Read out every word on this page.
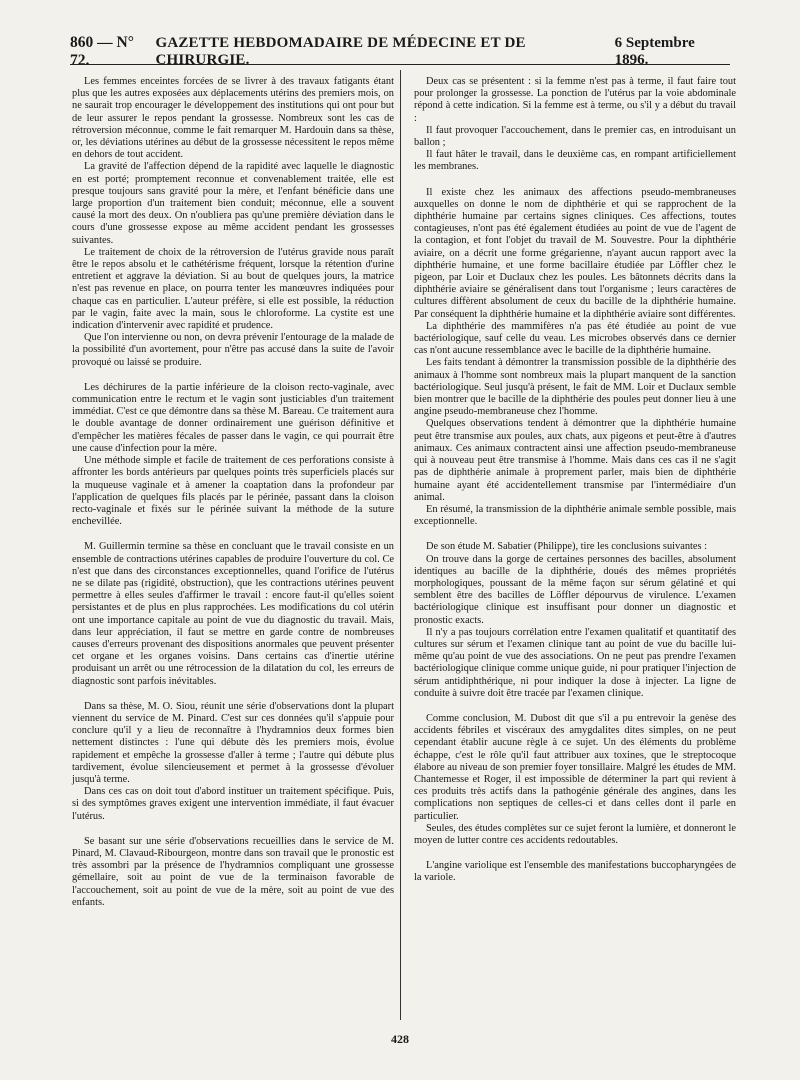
860 — N° 72.
GAZETTE HEBDOMADAIRE DE MÉDECINE ET DE CHIRURGIE.
6 Septembre 1896.

Les femmes enceintes forcées de se livrer à des travaux fatigants étant plus que les autres exposées aux déplacements utérins des premiers mois, on ne saurait trop encourager le développement des institutions qui ont pour but de leur assurer le repos pendant la grossesse. Nombreux sont les cas de rétroversion méconnue, comme le fait remarquer M. Hardouin dans sa thèse, or, les déviations utérines au début de la grossesse nécessitent le repos même en dehors de tout accident.

La gravité de l'affection dépend de la rapidité avec laquelle le diagnostic en est porté; promptement reconnue et convenablement traitée, elle est presque toujours sans gravité pour la mère, et l'enfant bénéficie dans une large proportion d'un traitement bien conduit; méconnue, elle a souvent causé la mort des deux. On n'oubliera pas qu'une première déviation dans le cours d'une grossesse expose au même accident pendant les grossesses suivantes.

Le traitement de choix de la rétroversion de l'utérus gravide nous paraît être le repos absolu et le cathétérisme fréquent, lorsque la rétention d'urine entretient et aggrave la déviation. Si au bout de quelques jours, la matrice n'est pas revenue en place, on pourra tenter les manœuvres indiquées pour chaque cas en particulier. L'auteur préfère, si elle est possible, la réduction par le vagin, faite avec la main, sous le chloroforme. La cystite est une indication d'intervenir avec rapidité et prudence.

Que l'on intervienne ou non, on devra prévenir l'entourage de la malade de la possibilité d'un avortement, pour n'être pas accusé dans la suite de l'avoir provoqué ou laissé se produire.

Les déchirures de la partie inférieure de la cloison recto-vaginale, avec communication entre le rectum et le vagin sont justiciables d'un traitement immédiat. C'est ce que démontre dans sa thèse M. Bareau. Ce traitement aura le double avantage de donner ordinairement une guérison définitive et d'empêcher les matières fécales de passer dans le vagin, ce qui pourrait être une cause d'infection pour la mère.

Une méthode simple et facile de traitement de ces perforations consiste à affronter les bords antérieurs par quelques points très superficiels placés sur la muqueuse vaginale et à amener la coaptation dans la profondeur par l'application de quelques fils placés par le périnée, passant dans la cloison recto-vaginale et fixés sur le périnée suivant la méthode de la suture enchevillée.

M. Guillermin termine sa thèse en concluant que le travail consiste en un ensemble de contractions utérines capables de produire l'ouverture du col. Ce n'est que dans des circonstances exceptionnelles, quand l'orifice de l'utérus ne se dilate pas (rigidité, obstruction), que les contractions utérines peuvent permettre à elles seules d'affirmer le travail : encore faut-il qu'elles soient persistantes et de plus en plus rapprochées. Les modifications du col utérin ont une importance capitale au point de vue du diagnostic du travail. Mais, dans leur appréciation, il faut se mettre en garde contre de nombreuses causes d'erreurs provenant des dispositions anormales que peuvent présenter cet organe et les organes voisins. Dans certains cas d'inertie utérine produisant un arrêt ou une rétrocession de la dilatation du col, les erreurs de diagnostic sont parfois inévitables.

Dans sa thèse, M. O. Siou, réunit une série d'observations dont la plupart viennent du service de M. Pinard. C'est sur ces données qu'il s'appuie pour conclure qu'il y a lieu de reconnaître à l'hydramnios deux formes bien nettement distinctes : l'une qui débute dès les premiers mois, évolue rapidement et empêche la grossesse d'aller à terme ; l'autre qui débute plus tardivement, évolue silencieusement et permet à la grossesse d'évoluer jusqu'à terme.

Dans ces cas on doit tout d'abord instituer un traitement spécifique. Puis, si des symptômes graves exigent une intervention immédiate, il faut évacuer l'utérus.

Se basant sur une série d'observations recueillies dans le service de M. Pinard, M. Clavaud-Ribourgeon, montre dans son travail que le pronostic est très assombri par la présence de l'hydramnios compliquant une grossesse gémellaire, soit au point de vue de la terminaison favorable de l'accouchement, soit au point de vue de la mère, soit au point de vue des enfants.

Deux cas se présentent : si la femme n'est pas à terme, il faut faire tout pour prolonger la grossesse. La ponction de l'utérus par la voie abdominale répond à cette indication. Si la femme est à terme, ou s'il y a début du travail :

Il faut provoquer l'accouchement, dans le premier cas, en introduisant un ballon ;

Il faut hâter le travail, dans le deuxième cas, en rompant artificiellement les membranes.

Il existe chez les animaux des affections pseudo-membraneuses auxquelles on donne le nom de diphthérie et qui se rapprochent de la diphthérie humaine par certains signes cliniques. Ces affections, toutes contagieuses, n'ont pas été également étudiées au point de vue de l'agent de la contagion, et font l'objet du travail de M. Souvestre. Pour la diphthérie aviaire, on a décrit une forme grégarienne, n'ayant aucun rapport avec la diphthérie humaine, et une forme bacillaire étudiée par Löffler chez le pigeon, par Loir et Duclaux chez les poules. Les bâtonnets décrits dans la diphthérie aviaire se généralisent dans tout l'organisme ; leurs caractères de cultures diffèrent absolument de ceux du bacille de la diphthérie humaine. Par conséquent la diphthérie humaine et la diphthérie aviaire sont différentes.

La diphthérie des mammifères n'a pas été étudiée au point de vue bactériologique, sauf celle du veau. Les microbes observés dans ce dernier cas n'ont aucune ressemblance avec le bacille de la diphthérie humaine.

Les faits tendant à démontrer la transmission possible de la diphthérie des animaux à l'homme sont nombreux mais la plupart manquent de la sanction bactériologique. Seul jusqu'à présent, le fait de MM. Loir et Duclaux semble bien montrer que le bacille de la diphthérie des poules peut donner lieu à une angine pseudo-membraneuse chez l'homme.

Quelques observations tendent à démontrer que la diphthérie humaine peut être transmise aux poules, aux chats, aux pigeons et peut-être à d'autres animaux. Ces animaux contractent ainsi une affection pseudo-membraneuse qui à nouveau peut être transmise à l'homme. Mais dans ces cas il ne s'agit pas de diphthérie animale à proprement parler, mais bien de diphthérie humaine ayant été accidentellement transmise par l'intermédiaire d'un animal.

En résumé, la transmission de la diphthérie animale semble possible, mais exceptionnelle.

De son étude M. Sabatier (Philippe), tire les conclusions suivantes :

On trouve dans la gorge de certaines personnes des bacilles, absolument identiques au bacille de la diphthérie, doués des mêmes propriétés morphologiques, poussant de la même façon sur sérum gélatiné et qui semblent être des bacilles de Löffler dépourvus de virulence. L'examen bactériologique clinique est insuffisant pour donner un diagnostic et pronostic exacts.

Il n'y a pas toujours corrélation entre l'examen qualitatif et quantitatif des cultures sur sérum et l'examen clinique tant au point de vue du bacille lui-même qu'au point de vue des associations. On ne peut pas prendre l'examen bactériologique clinique comme unique guide, ni pour pratiquer l'injection de sérum antidiphthérique, ni pour indiquer la dose à injecter. La ligne de conduite à suivre doit être tracée par l'examen clinique.

Comme conclusion, M. Dubost dit que s'il a pu entrevoir la genèse des accidents fébriles et viscéraux des amygdalites dites simples, on ne peut cependant établir aucune règle à ce sujet. Un des éléments du problème échappe, c'est le rôle qu'il faut attribuer aux toxines, que le streptocoque élabore au niveau de son premier foyer tonsillaire. Malgré les études de MM. Chantemesse et Roger, il est impossible de déterminer la part qui revient à ces produits très actifs dans la pathogénie générale des angines, dans les complications non septiques de celles-ci et dans celles dont il parle en particulier.

Seules, des études complètes sur ce sujet feront la lumière, et donneront le moyen de lutter contre ces accidents redoutables.

L'angine variolique est l'ensemble des manifestations buccopharyngées de la variole.

428
